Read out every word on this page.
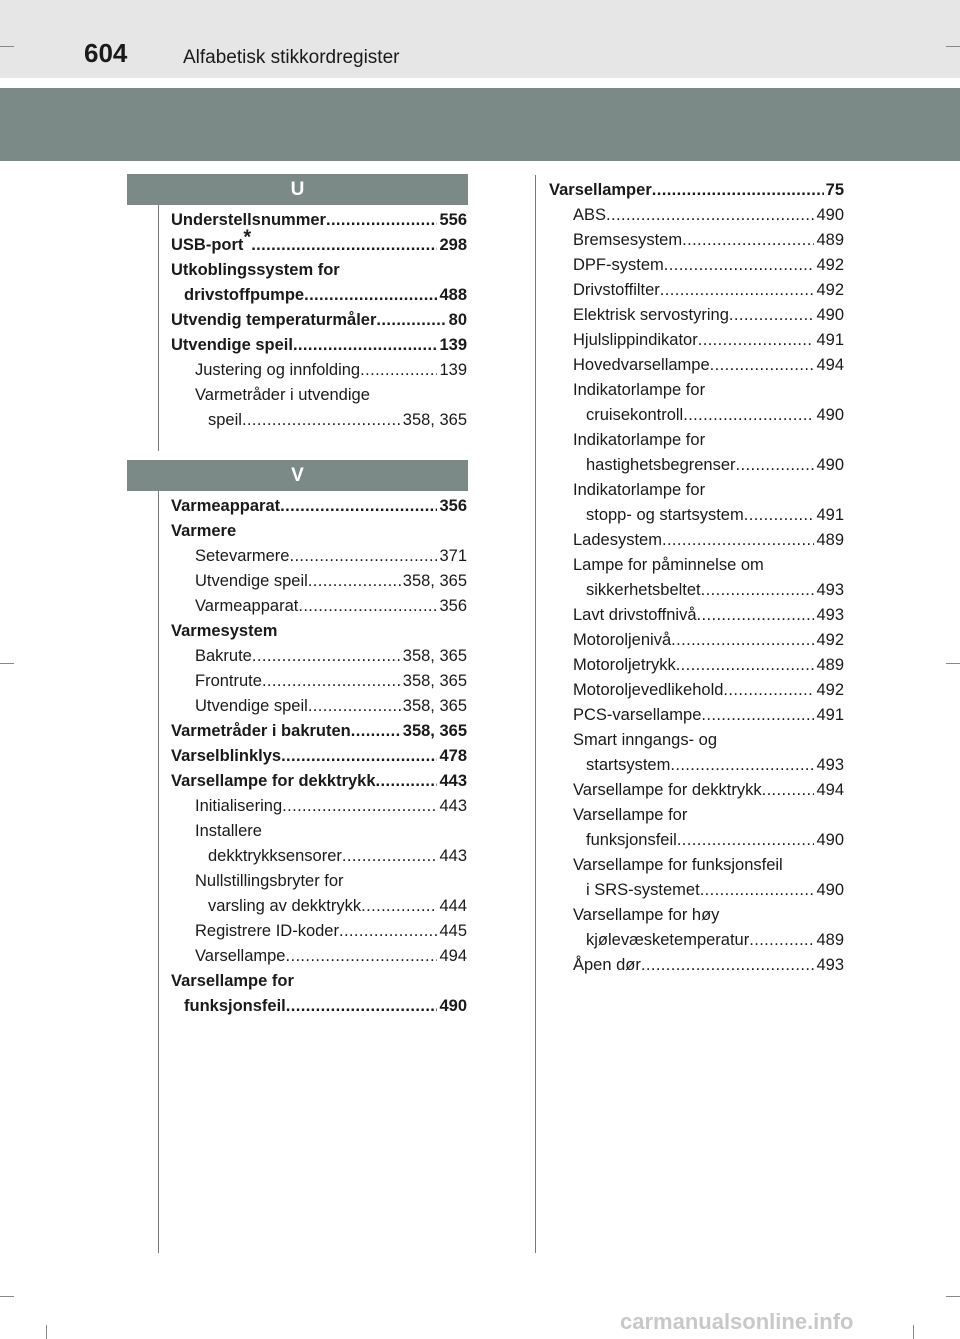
604	Alfabetisk stikkordregister
U
V
Understellsnummer .....	556
USB-port* .....	298
Utkoblingssystem for
drivstoffpumpe .....	488
Utvendig temperaturmåler .....	80
Utvendige speil .....	139
Justering og innfolding .....	139
Varmetråder i utvendige
speil .....	358, 365
Varmeapparat .....	356
Varmere
Setevarmere .....	371
Utvendige speil .....	358, 365
Varmeapparat .....	356
Varmesystem
Bakrute .....	358, 365
Frontrute .....	358, 365
Utvendige speil .....	358, 365
Varmetråder i bakruten .....	358, 365
Varselblinklys .....	478
Varsellampe for dekktrykk .....	443
Initialisering .....	443
Installere
dekktrykksensorer .....	443
Nullstillingsbryter for
varsling av dekktrykk .....	444
Registrere ID-koder .....	445
Varsellampe .....	494
Varsellampe for
funksjonsfeil .....	490
Varsellamper .....	75
ABS .....	490
Bremsesystem .....	489
DPF-system .....	492
Drivstoffilter .....	492
Elektrisk servostyring .....	490
Hjulslippindikator .....	491
Hovedvarsellampe .....	494
Indikatorlampe for
cruisekontroll .....	490
Indikatorlampe for
hastighetsbegrenser .....	490
Indikatorlampe for
stopp- og startsystem .....	491
Ladesystem .....	489
Lampe for påminnelse om
sikkerhetsbeltet .....	493
Lavt drivstoffnivå .....	493
Motoroljenivå .....	492
Motoroljetrykk .....	489
Motoroljevedlikehold .....	492
PCS-varsellampe .....	491
Smart inngangs- og
startsystem .....	493
Varsellampe for dekktrykk .....	494
Varsellampe for
funksjonsfeil .....	490
Varsellampe for funksjonsfeil
i SRS-systemet .....	490
Varsellampe for høy
kjølevæsketemperatur .....	489
Åpen dør .....	493
carmanualsonline.info
